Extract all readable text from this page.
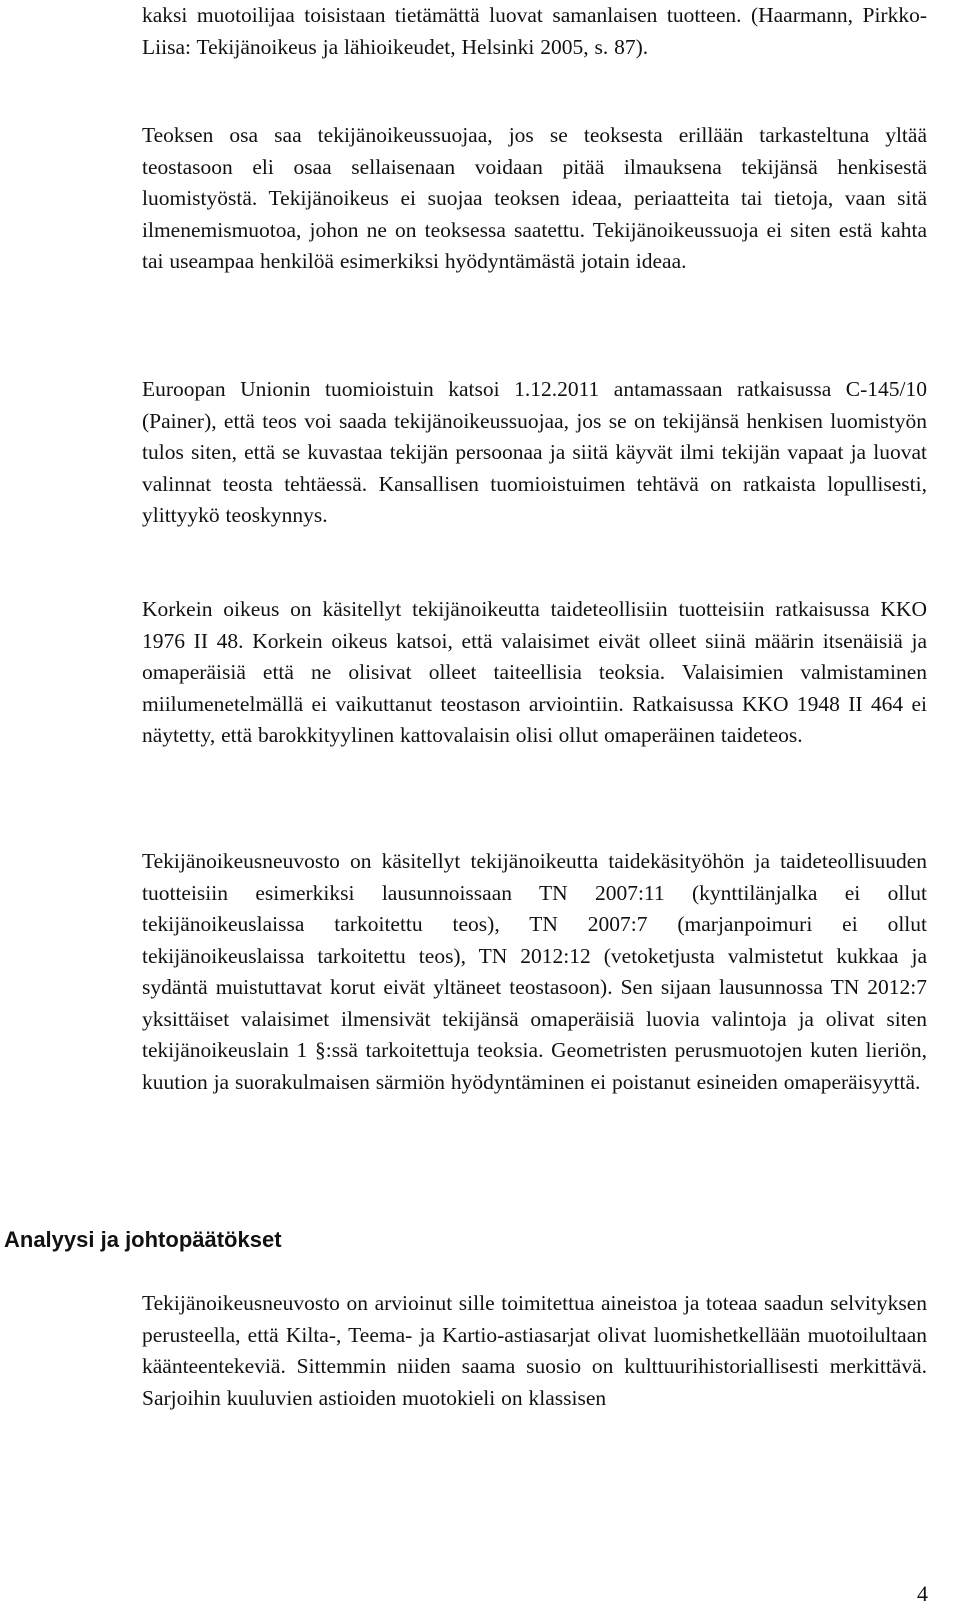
kaksi muotoilijaa toisistaan tietämättä luovat samanlaisen tuotteen. (Haarmann, Pirkko-Liisa: Tekijänoikeus ja lähioikeudet, Helsinki 2005, s. 87).

Teoksen osa saa tekijänoikeussuojaa, jos se teoksesta erillään tarkasteltuna yltää teostasoon eli osaa sellaisenaan voidaan pitää ilmauksena tekijänsä henkisestä luomistyöstä. Tekijänoikeus ei suojaa teoksen ideaa, periaatteita tai tietoja, vaan sitä ilmenemismuotoa, johon ne on teoksessa saatettu. Tekijänoikeussuoja ei siten estä kahta tai useampaa henkilöä esimerkiksi hyödyntämästä jotain ideaa.

Euroopan Unionin tuomioistuin katsoi 1.12.2011 antamassaan ratkaisussa C-145/10 (Painer), että teos voi saada tekijänoikeussuojaa, jos se on tekijänsä henkisen luomistyön tulos siten, että se kuvastaa tekijän persoonaa ja siitä käyvät ilmi tekijän vapaat ja luovat valinnat teosta tehtäessä. Kansallisen tuomioistuimen tehtävä on ratkaista lopullisesti, ylittyykö teoskynnys.

Korkein oikeus on käsitellyt tekijänoikeutta taideteollisiin tuotteisiin ratkaisussa KKO 1976 II 48. Korkein oikeus katsoi, että valaisimet eivät olleet siinä määrin itsenäisiä ja omaperäisiä että ne olisivat olleet taiteellisia teoksia. Valaisimien valmistaminen miilumenetelmällä ei vaikuttanut teostason arviointiin. Ratkaisussa KKO 1948 II 464 ei näytetty, että barokkityylinen kattovalaisin olisi ollut omaperäinen taideteos.

Tekijänoikeusneuvosto on käsitellyt tekijänoikeutta taidekäsityöhön ja taideteollisuuden tuotteisiin esimerkiksi lausunnoissaan TN 2007:11 (kynttilänjalka ei ollut tekijänoikeuslaissa tarkoitettu teos), TN 2007:7 (marjanpoimuri ei ollut tekijänoikeuslaissa tarkoitettu teos), TN 2012:12 (vetoketjusta valmistetut kukkaa ja sydäntä muistuttavat korut eivät yltäneet teostasoon). Sen sijaan lausunnossa TN 2012:7 yksittäiset valaisimet ilmensivät tekijänsä omaperäisiä luovia valintoja ja olivat siten tekijänoikeuslain 1 §:ssä tarkoitettuja teoksia. Geometristen perusmuotojen kuten lieriön, kuution ja suorakulmaisen särmiön hyödyntäminen ei poistanut esineiden omaperäisyyttä.

Analyysi ja johtopäätökset

Tekijänoikeusneuvosto on arvioinut sille toimitettua aineistoa ja toteaa saadun selvityksen perusteella, että Kilta-, Teema- ja Kartio-astiasarjat olivat luomishetkellään muotoilultaan käänteentekeviä. Sittemmin niiden saama suosio on kulttuurihistoriallisesti merkittävä. Sarjoihin kuuluvien astioiden muotokieli on klassisen

4
